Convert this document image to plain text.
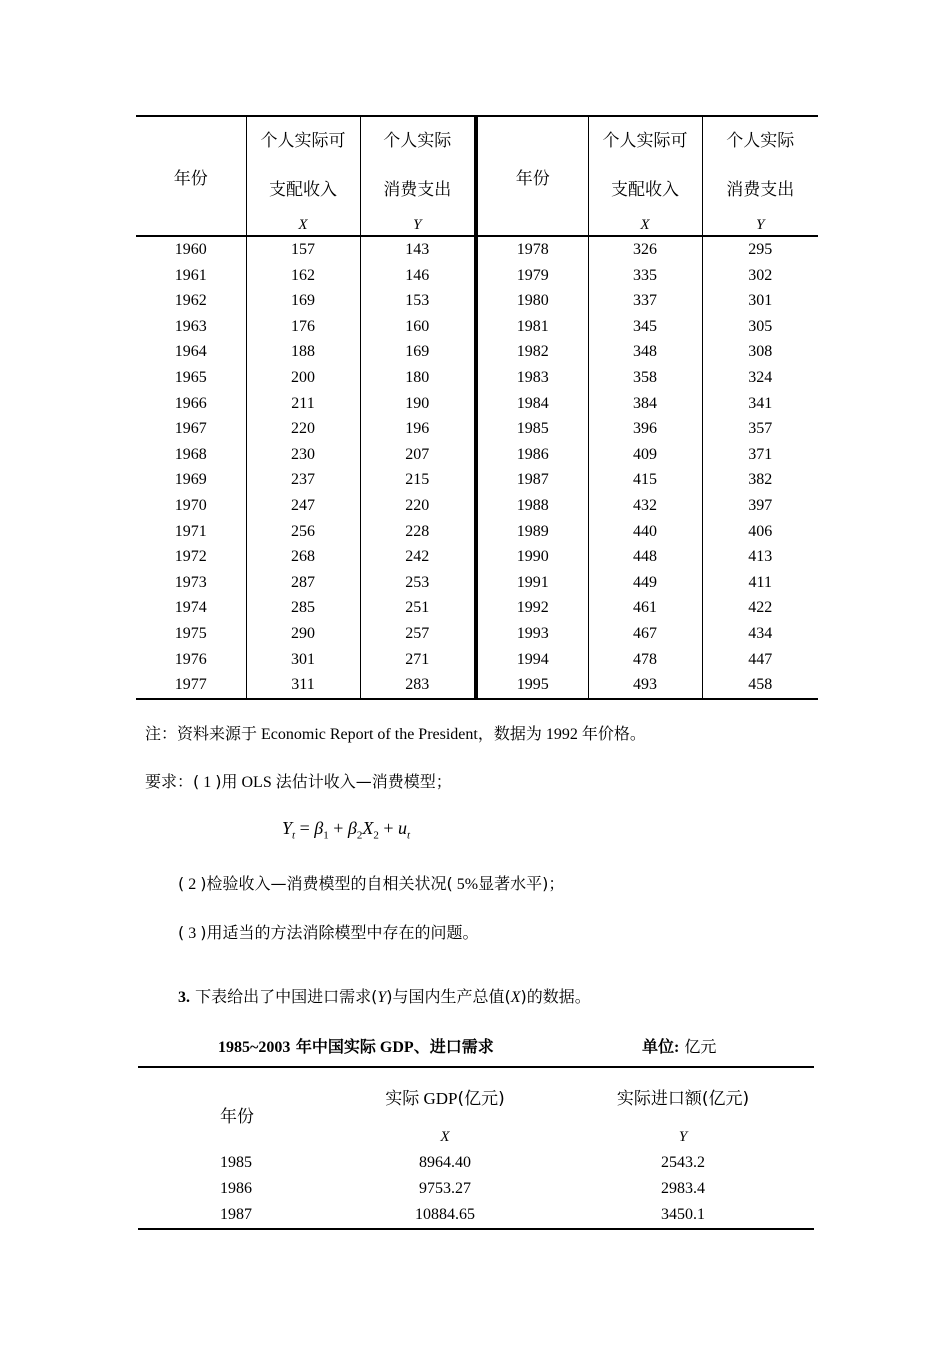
年份	个人实际可
支配收入	个人实际
消费支出	年份	个人实际可
支配收入	个人实际
消费支出

	X	Y		X	Y
1960	157	143	1978	326	295
1961	162	146	1979	335	302
1962	169	153	1980	337	301
1963	176	160	1981	345	305
1964	188	169	1982	348	308
1965	200	180	1983	358	324
1966	211	190	1984	384	341
1967	220	196	1985	396	357
1968	230	207	1986	409	371
1969	237	215	1987	415	382
1970	247	220	1988	432	397
1971	256	228	1989	440	406
1972	268	242	1990	448	413
1973	287	253	1991	449	411
1974	285	251	1992	461	422
1975	290	257	1993	467	434
1976	301	271	1994	478	447
1977	311	283	1995	493	458
注：资料来源于 Economic Report of the President，数据为 1992 年价格。
要求：( 1 )用 OLS 法估计收入—消费模型；
$Y_t = \beta_1 + \beta_2X_2 + u_t$
( 2 )检验收入—消费模型的自相关状况( 5%显著水平)；
( 3 )用适当的方法消除模型中存在的问题。
3. 下表给出了中国进口需求(Y)与国内生产总值(X)的数据。
1985~2003 年中国实际 GDP、进口需求	单位: 亿元
年份	实际 GDP(亿元)	实际进口额(亿元)
	X	Y
1985	8964.40	2543.2
1986	9753.27	2983.4
1987	10884.65	3450.1
